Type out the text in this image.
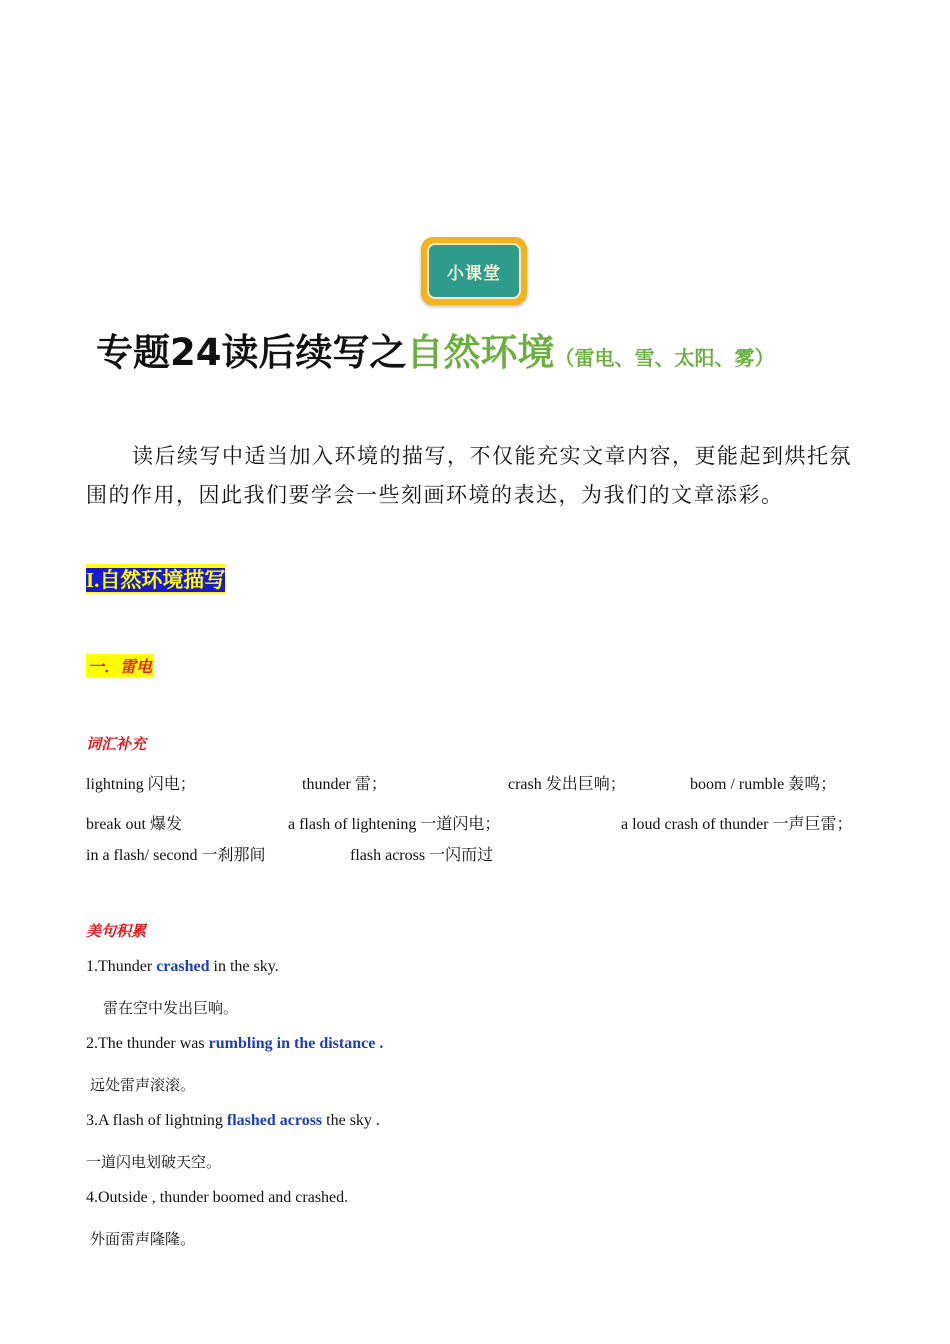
小课堂
专题24读后续写之自然环境（雷电、雪、太阳、雾）
读后续写中适当加入环境的描写，不仅能充实文章内容，更能起到烘托氛
围的作用，因此我们要学会一些刻画环境的表达，为我们的文章添彩。
I.自然环境描写
一．雷电
词汇补充
lightning 闪电；	thunder 雷；	crash 发出巨响；	boom / rumble 轰鸣；
break out 爆发	a flash of lightening 一道闪电；	a loud crash of thunder 一声巨雷；
in a flash/ second 一刹那间	flash across 一闪而过
美句积累
1.Thunder crashed in the sky.
雷在空中发出巨响。
2.The thunder was rumbling in the distance .
远处雷声滚滚。
3.A flash of lightning flashed across the sky .
一道闪电划破天空。
4.Outside , thunder boomed and crashed.
外面雷声隆隆。
